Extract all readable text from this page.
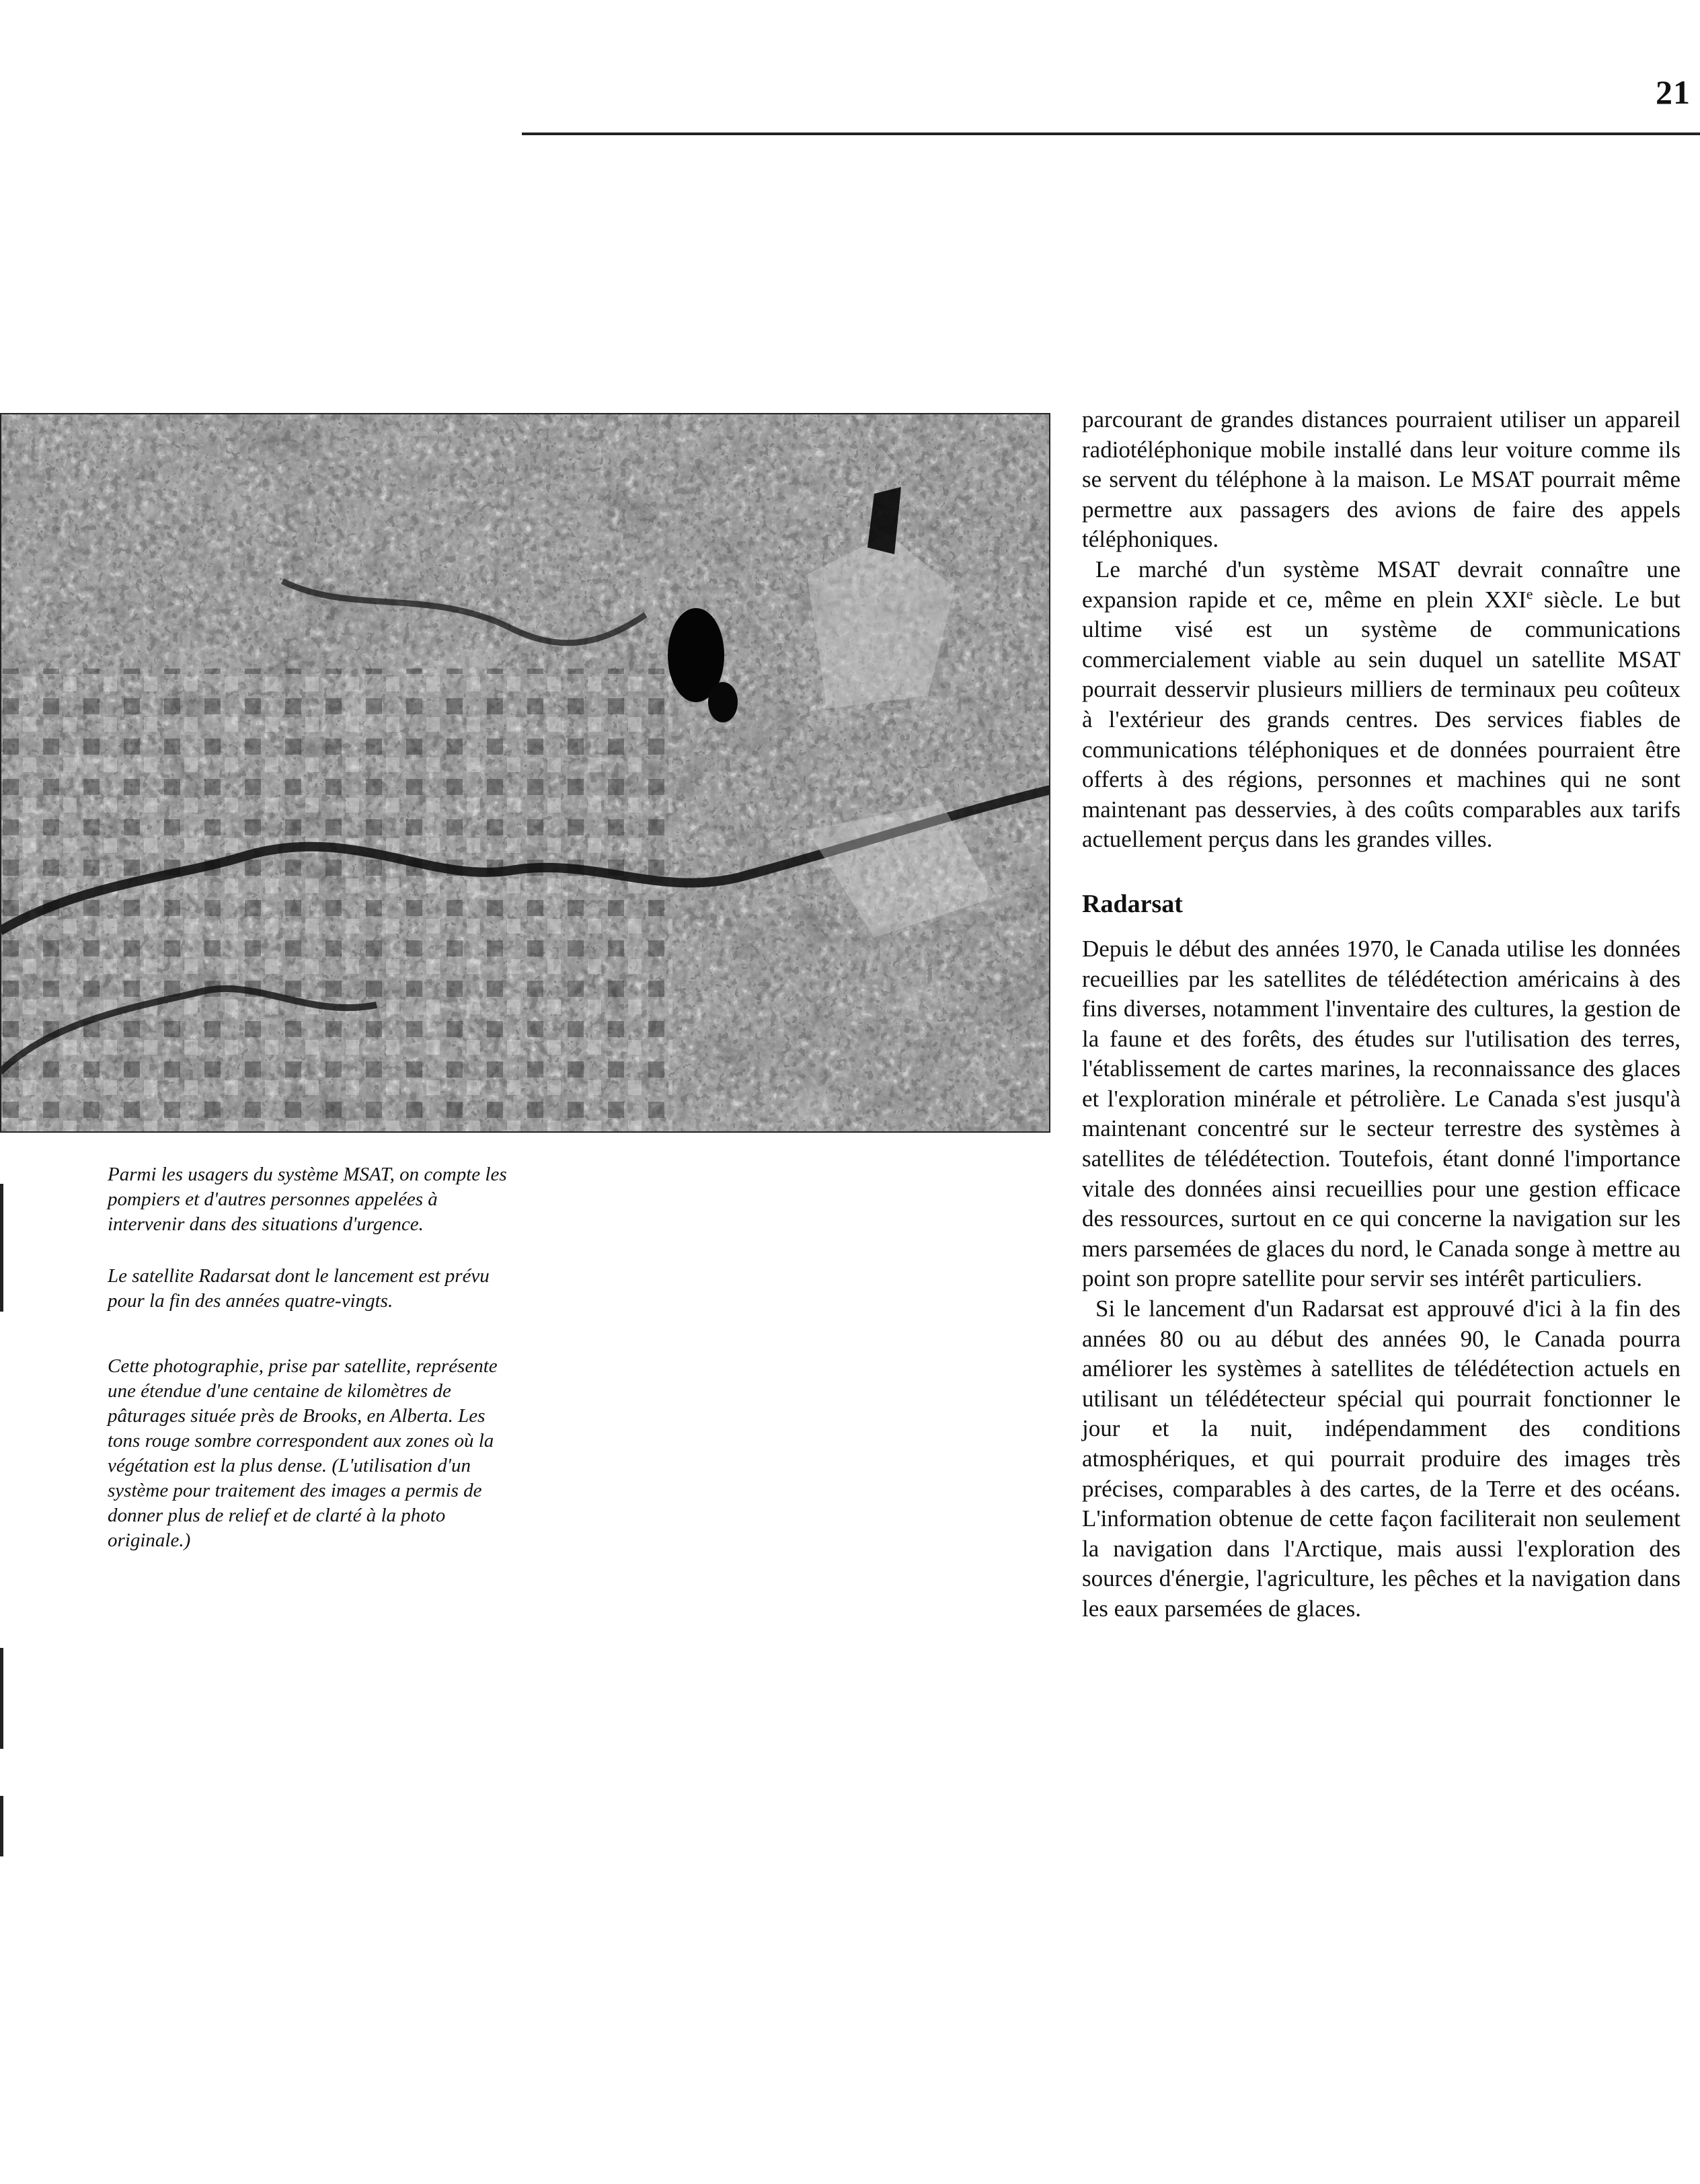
21

Parmi les usagers du système MSAT, on compte les pompiers et d'autres personnes appelées à intervenir dans des situations d'urgence.

Le satellite Radarsat dont le lancement est prévu pour la fin des années quatre-vingts.

Cette photographie, prise par satellite, représente une étendue d'une centaine de kilomètres de pâturages située près de Brooks, en Alberta. Les tons rouge sombre correspondent aux zones où la végétation est la plus dense. (L'utilisation d'un système pour traitement des images a permis de donner plus de relief et de clarté à la photo originale.)

parcourant de grandes distances pourraient utiliser un appareil radiotéléphonique mobile installé dans leur voiture comme ils se servent du téléphone à la maison. Le MSAT pourrait même permettre aux passagers des avions de faire des appels téléphoniques.

Le marché d'un système MSAT devrait connaître une expansion rapide et ce, même en plein XXIe siècle. Le but ultime visé est un système de communications commercialement viable au sein duquel un satellite MSAT pourrait desservir plusieurs milliers de terminaux peu coûteux à l'extérieur des grands centres. Des services fiables de communications téléphoniques et de données pourraient être offerts à des régions, personnes et machines qui ne sont maintenant pas desservies, à des coûts comparables aux tarifs actuellement perçus dans les grandes villes.

Radarsat

Depuis le début des années 1970, le Canada utilise les données recueillies par les satellites de télédétection américains à des fins diverses, notamment l'inventaire des cultures, la gestion de la faune et des forêts, des études sur l'utilisation des terres, l'établissement de cartes marines, la reconnaissance des glaces et l'exploration minérale et pétrolière. Le Canada s'est jusqu'à maintenant concentré sur le secteur terrestre des systèmes à satellites de télédétection. Toutefois, étant donné l'importance vitale des données ainsi recueillies pour une gestion efficace des ressources, surtout en ce qui concerne la navigation sur les mers parsemées de glaces du nord, le Canada songe à mettre au point son propre satellite pour servir ses intérêt particuliers.

Si le lancement d'un Radarsat est approuvé d'ici à la fin des années 80 ou au début des années 90, le Canada pourra améliorer les systèmes à satellites de télédétection actuels en utilisant un télédétecteur spécial qui pourrait fonctionner le jour et la nuit, indépendamment des conditions atmosphériques, et qui pourrait produire des images très précises, comparables à des cartes, de la Terre et des océans. L'information obtenue de cette façon faciliterait non seulement la navigation dans l'Arctique, mais aussi l'exploration des sources d'énergie, l'agriculture, les pêches et la navigation dans les eaux parsemées de glaces.
